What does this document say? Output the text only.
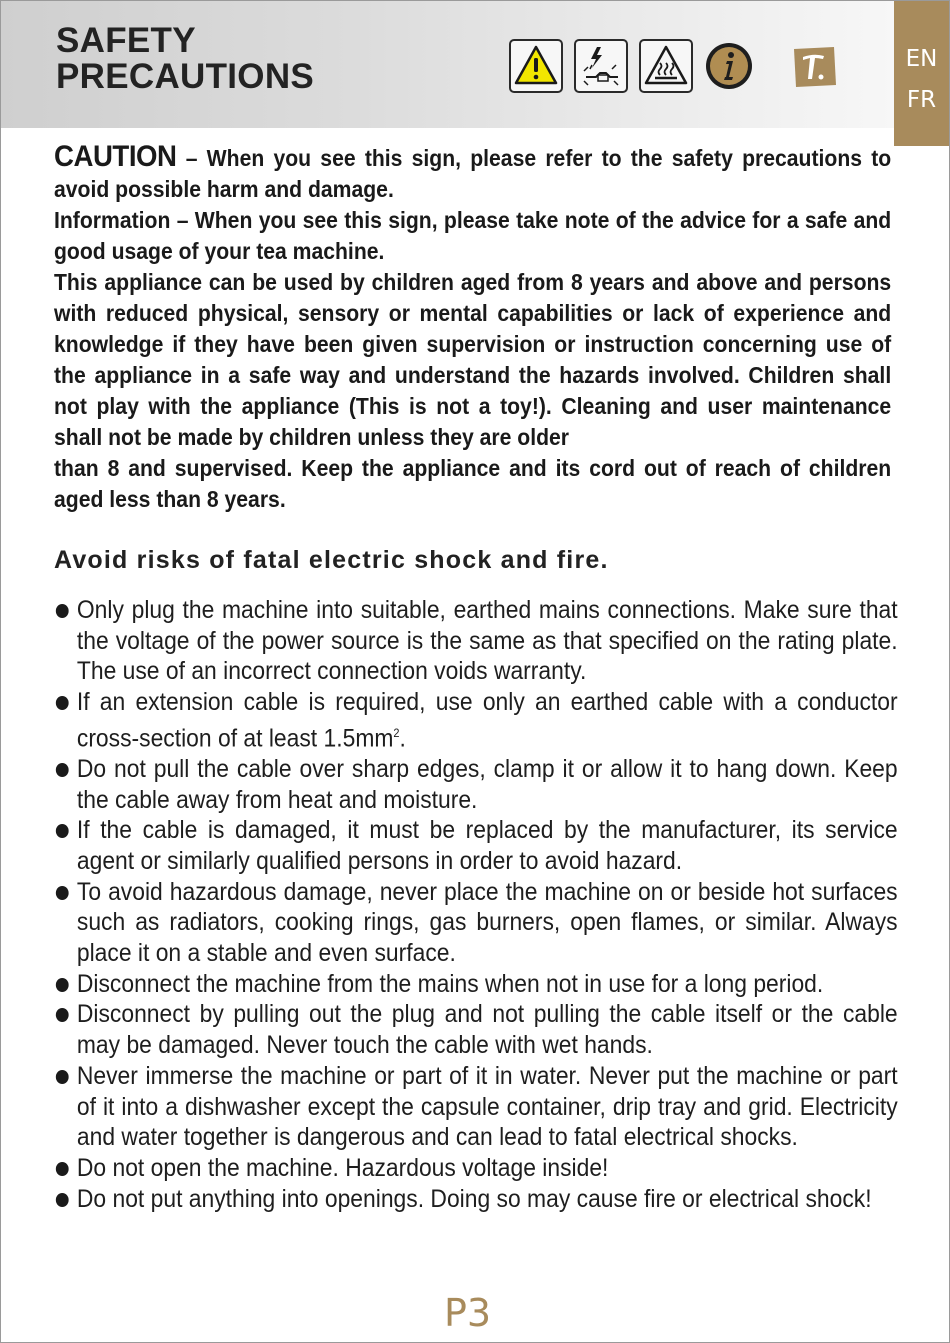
SAFETY
PRECAUTIONS	EN
FR

CAUTION – When you see this sign, please refer to the safety precautions to avoid possible harm and damage.

Information – When you see this sign, please take note of the advice for a safe and good usage of your tea machine.

This appliance can be used by children aged from 8 years and above and persons with reduced physical, sensory or mental capabilities or lack of experience and knowledge if they have been given supervision or instruction concerning use of the appliance in a safe way and understand the hazards involved. Children shall not play with the appliance (This is not a toy!). Cleaning and user maintenance shall not be made by children unless they are older

than 8 and supervised. Keep the appliance and its cord out of reach of children aged less than 8 years.

Avoid risks of fatal electric shock and fire.
Only plug the machine into suitable, earthed mains connections. Make sure that the voltage of the power source is the same as that specified on the rating plate. The use of an incorrect connection voids warranty.
If an extension cable is required, use only an earthed cable with a conductor cross-section of at least $1.5mm^2$.
Do not pull the cable over sharp edges, clamp it or allow it to hang down. Keep the cable away from heat and moisture.
If the cable is damaged, it must be replaced by the manufacturer, its service agent or similarly qualified persons in order to avoid hazard.
To avoid hazardous damage, never place the machine on or beside hot surfaces such as radiators, cooking rings, gas burners, open flames, or similar. Always place it on a stable and even surface.
Disconnect the machine from the mains when not in use for a long period.
Disconnect by pulling out the plug and not pulling the cable itself or the cable may be damaged. Never touch the cable with wet hands.
Never immerse the machine or part of it in water. Never put the machine or part of it into a dishwasher except the capsule container, drip tray and grid. Electricity and water together is dangerous and can lead to fatal electrical shocks.
Do not open the machine. Hazardous voltage inside!
Do not put anything into openings. Doing so may cause fire or electrical shock!
P3
